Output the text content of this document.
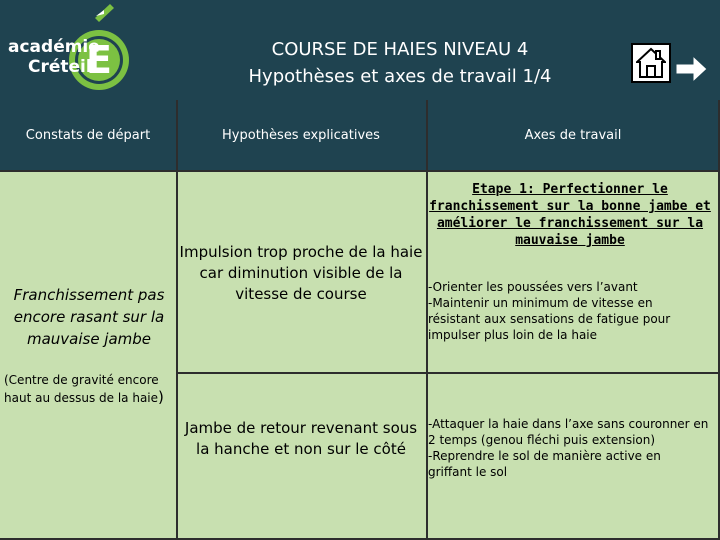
E
académie
Créteil
COURSE DE HAIES NIVEAU 4
Hypothèses et axes de travail 1/4
Constats de départ	Hypothèses explicatives	Axes de travail
Franchissement pas encore rasant sur la mauvaise jambe
(Centre de gravité encore haut au dessus de la haie)
Impulsion trop proche de la haie car diminution visible de la vitesse de course
Jambe de retour revenant sous la hanche et non sur le côté
Etape 1: Perfectionner le franchissement sur la bonne jambe et améliorer le franchissement sur la mauvaise jambe
-Orienter les poussées vers l’avant
-Maintenir un minimum de vitesse en résistant aux sensations de fatigue pour impulser plus loin de la haie
-Attaquer la haie dans l’axe sans couronner en 2 temps (genou fléchi puis extension)
-Reprendre le sol de manière active en griffant le sol
